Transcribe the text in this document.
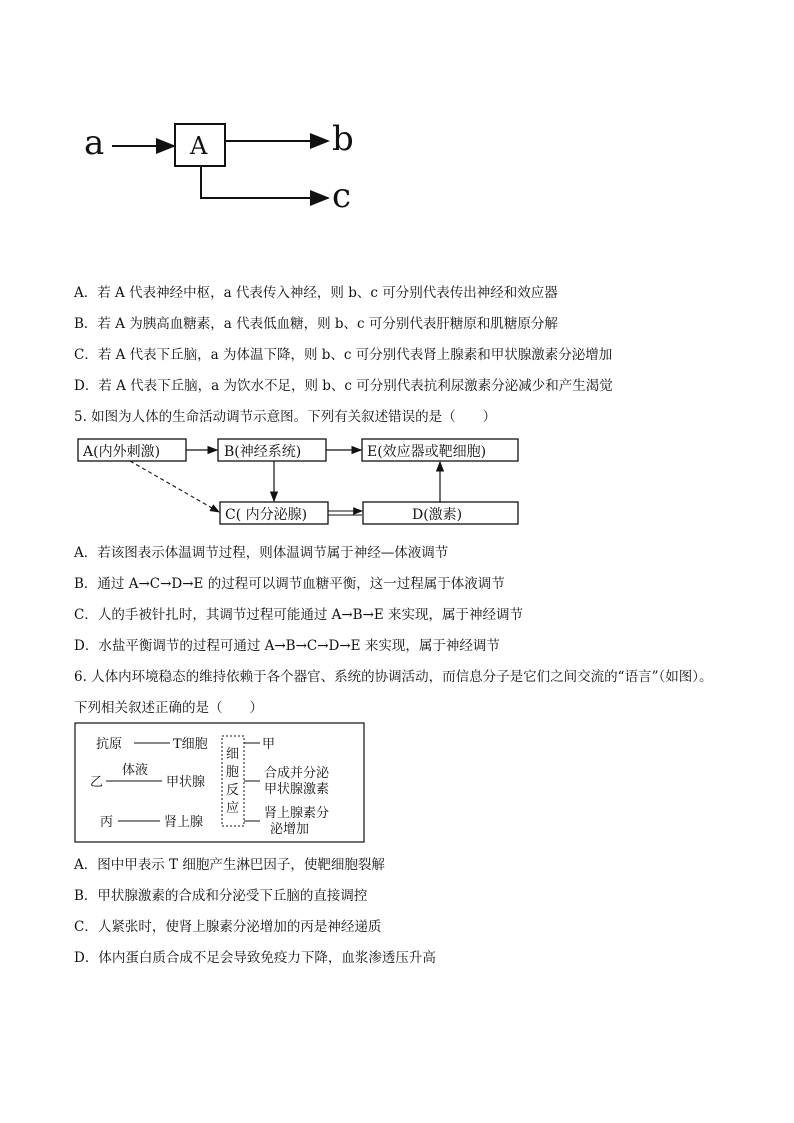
a	A	b
c
A．若 A 代表神经中枢，a 代表传入神经，则 b、c 可分别代表传出神经和效应器
B．若 A 为胰高血糖素，a 代表低血糖，则 b、c 可分别代表肝糖原和肌糖原分解
C．若 A 代表下丘脑，a 为体温下降，则 b、c 可分别代表肾上腺素和甲状腺激素分泌增加
D．若 A 代表下丘脑，a 为饮水不足，则 b、c 可分别代表抗利尿激素分泌减少和产生渴觉
5. 如图为人体的生命活动调节示意图。下列有关叙述错误的是（　　）
A(内外刺激)	B(神经系统)	E(效应器或靶细胞)
C( 内分泌腺)	D(激素)
A．若该图表示体温调节过程，则体温调节属于神经—体液调节
B．通过 A→C→D→E 的过程可以调节血糖平衡，这一过程属于体液调节
C．人的手被针扎时，其调节过程可能通过 A→B→E 来实现，属于神经调节
D．水盐平衡调节的过程可通过 A→B→C→D→E 来实现，属于神经调节
6. 人体内环境稳态的维持依赖于各个器官、系统的协调活动，而信息分子是它们之间交流的“语言”（如图）。
下列相关叙述正确的是（　　）
抗原	T细胞
乙
体液
甲状腺
丙	肾上腺
细
胞
反
应
甲
合成并分泌
甲状腺激素
肾上腺素分
泌增加
A．图中甲表示 T 细胞产生淋巴因子，使靶细胞裂解
B．甲状腺激素的合成和分泌受下丘脑的直接调控
C．人紧张时，使肾上腺素分泌增加的丙是神经递质
D．体内蛋白质合成不足会导致免疫力下降，血浆渗透压升高
